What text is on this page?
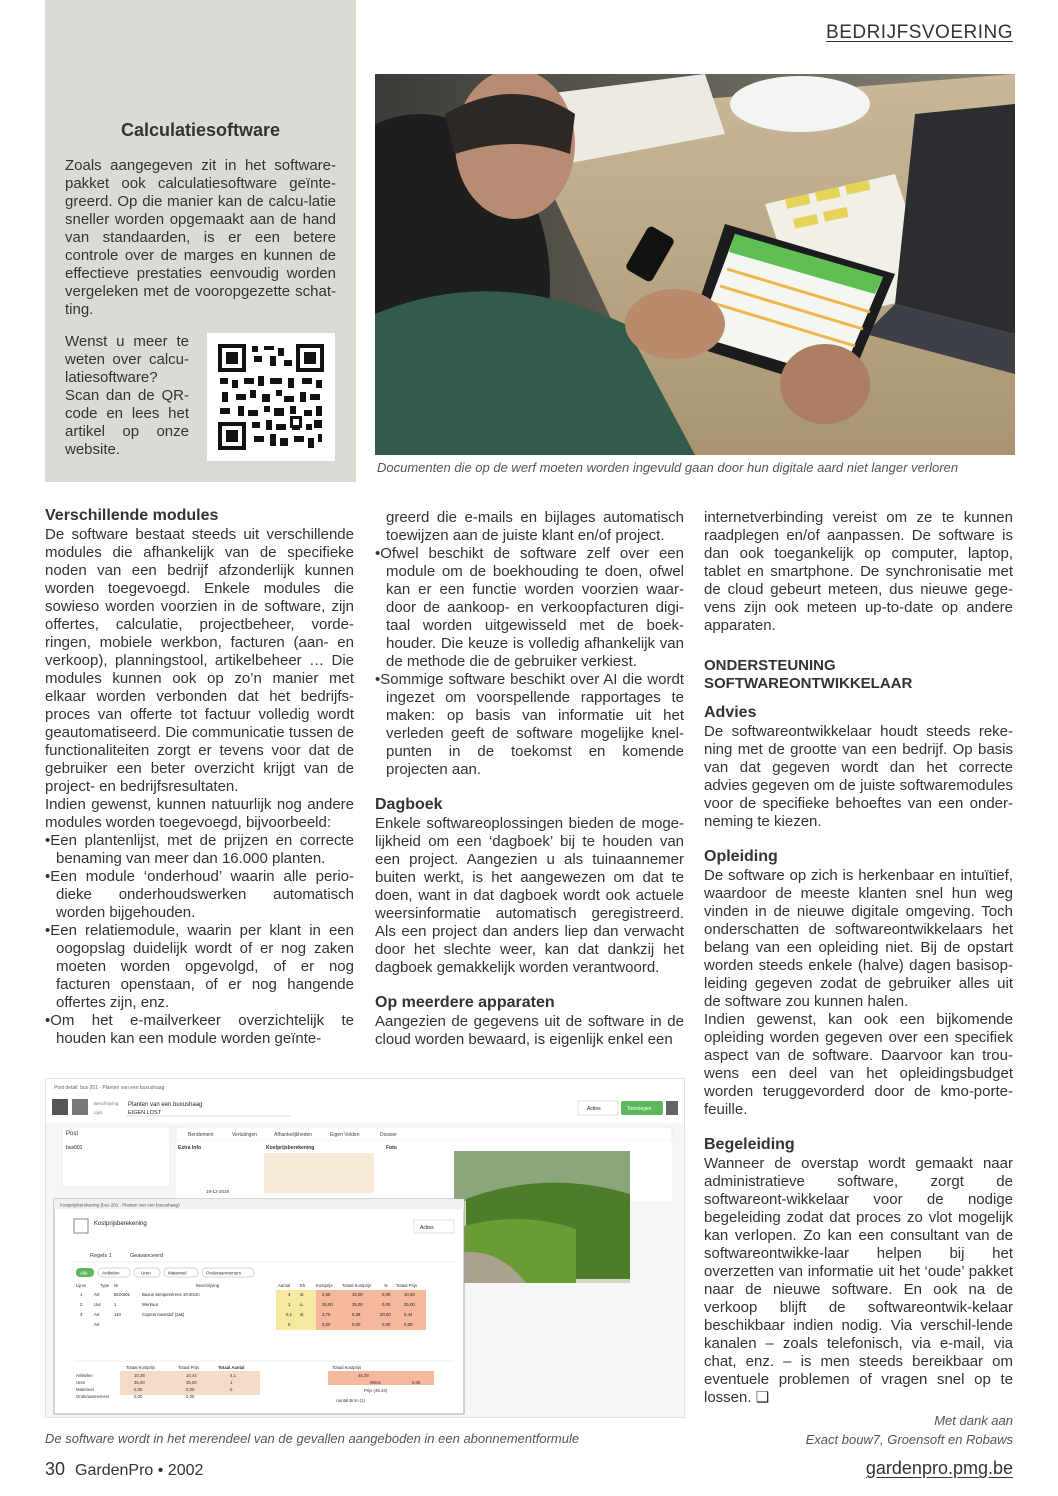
BEDRIJFSVOERING
Calculatiesoftware

Zoals aangegeven zit in het software-pakket ook calculatiesoftware geïnte-greerd. Op die manier kan de calcu-latie sneller worden opgemaakt aan de hand van standaarden, is er een betere controle over de marges en kunnen de effectieve prestaties eenvoudig worden vergeleken met de vooropgezette schat-ting.

Wenst u meer te weten over calcu-latiesoftware? Scan dan de QR-code en lees het artikel op onze website.

Documenten die op de werf moeten worden ingevuld gaan door hun digitale aard niet langer verloren
Verschillende modules

De software bestaat steeds uit verschillende modules die afhankelijk van de specifieke noden van een bedrijf afzonderlijk kunnen worden toegevoegd. Enkele modules die sowieso worden voorzien in de software, zijn offertes, calculatie, projectbeheer, vorde-ringen, mobiele werkbon, facturen (aan- en verkoop), planningstool, artikelbeheer … Die modules kunnen ook op zo’n manier met elkaar worden verbonden dat het bedrijfs-proces van offerte tot factuur volledig wordt geautomatiseerd. Die communicatie tussen de functionaliteiten zorgt er tevens voor dat de gebruiker een beter overzicht krijgt van de project- en bedrijfsresultaten.

Indien gewenst, kunnen natuurlijk nog andere modules worden toegevoegd, bijvoorbeeld:

•Een plantenlijst, met de prijzen en correcte benaming van meer dan 16.000 planten.

•Een module ‘onderhoud’ waarin alle perio-dieke onderhoudswerken automatisch worden bijgehouden.

•Een relatiemodule, waarin per klant in een oogopslag duidelijk wordt of er nog zaken moeten worden opgevolgd, of er nog facturen openstaan, of er nog hangende offertes zijn, enz.

•Om het e-mailverkeer overzichtelijk te houden kan een module worden geïnte-

greerd die e-mails en bijlages automatisch toewijzen aan de juiste klant en/of project.

•Ofwel beschikt de software zelf over een module om de boekhouding te doen, ofwel kan er een functie worden voorzien waar-door de aankoop- en verkoopfacturen digi-taal worden uitgewisseld met de boek-houder. Die keuze is volledig afhankelijk van de methode die de gebruiker verkiest.

•Sommige software beschikt over AI die wordt ingezet om voorspellende rapportages te maken: op basis van informatie uit het verleden geeft de software mogelijke knel-punten in de toekomst en komende projecten aan.

Dagboek

Enkele softwareoplossingen bieden de moge-lijkheid om een ‘dagboek’ bij te houden van een project. Aangezien u als tuinaannemer buiten werkt, is het aangewezen om dat te doen, want in dat dagboek wordt ook actuele weersinformatie automatisch geregistreerd. Als een project dan anders liep dan verwacht door het slechte weer, kan dat dankzij het dagboek gemakkelijk worden verantwoord.

Op meerdere apparaten

Aangezien de gegevens uit de software in de cloud worden bewaard, is eigenlijk enkel een

internetverbinding vereist om ze te kunnen raadplegen en/of aanpassen. De software is dan ook toegankelijk op computer, laptop, tablet en smartphone. De synchronisatie met de cloud gebeurt meteen, dus nieuwe gege-vens zijn ook meteen up-to-date op andere apparaten.

ONDERSTEUNING SOFTWAREONTWIKKELAAR
Advies

De softwareontwikkelaar houdt steeds reke-ning met de grootte van een bedrijf. Op basis van dat gegeven wordt dan het correcte advies gegeven om de juiste softwaremodules voor de specifieke behoeftes van een onder-neming te kiezen.

Opleiding

De software op zich is herkenbaar en intuïtief, waardoor de meeste klanten snel hun weg vinden in de nieuwe digitale omgeving. Toch onderschatten de softwareontwikkelaars het belang van een opleiding niet. Bij de opstart worden steeds enkele (halve) dagen basisop-leiding gegeven zodat de gebruiker alles uit de software zou kunnen halen.

Indien gewenst, kan ook een bijkomende opleiding worden gegeven over een specifiek aspect van de software. Daarvoor kan trou-wens een deel van het opleidingsbudget worden teruggevorderd door de kmo-porte-feuille.

Begeleiding

Wanneer de overstap wordt gemaakt naar administratieve software, zorgt de softwareont-wikkelaar voor de nodige begeleiding zodat dat proces zo vlot mogelijk kan verlopen. Zo kan een consultant van de softwareontwikke-laar helpen bij het overzetten van informatie uit het ‘oude’ pakket naar de nieuwe software. En ook na de verkoop blijft de softwareontwik-kelaar beschikbaar indien nodig. Via verschil-lende kanalen – zoals telefonisch, via e-mail, via chat, enz. – is men steeds bereikbaar om eventuele problemen of vragen snel op te lossen. ❑

Post detail: bus 201 · Planten van een buxushaag
Beschrijving Planten van een buxushaag
Lijst	EIGEN LOST
Acties	Toevoegen
Post
bus001
Bendement	Vertalingen	Afhankelijkheden	Eigen Velden	Dossier
Extra Info	Kostprijsberekening	Foto
19-12-2019
Kostprijsberekening (bus 201 · Planten van een buxushaag)
Kostprijsberekening
Acties
Regels 1	Geavanceerd
Alle	Artikelen	Uren	Materieel	Onderaannemers
Lijnnr	Type Nr	Beschrijving	Aantal Eh. Kostprijs Totaal Kostprijs	% Totaal Prijs
1	Art	BUX001	Buxus Sempervirens 10-20cm	4 st.	2,50	10,00	0,00	10,00
2	Uur	1	Werkuur	1 u.	35,00	35,00	0,00	35,00
3	Art	110	Copron meststof (zak)	0,1 st.	3,75	0,38	20,00	0,44
Art	0	0,00	0,00	0,00	0,00
Totaal Kostprijs	Totaal Prijs	Totaal Aantal
Artikelen	10,38	10,44	4,1
Uren	35,00	35,00	1
Materieel	0,00	0,00	0
Onderaannemers	0,00	0,00
Totaal Kostprijs
45,38
Winst	0,06
Prijs (45,44)
Aantal Bron (1)
De software wordt in het merendeel van de gevallen aangeboden in een abonnementformule
Met dank aan
Exact bouw7, Groensoft en Robaws
30 GardenPro • 2002	gardenpro.pmg.be
